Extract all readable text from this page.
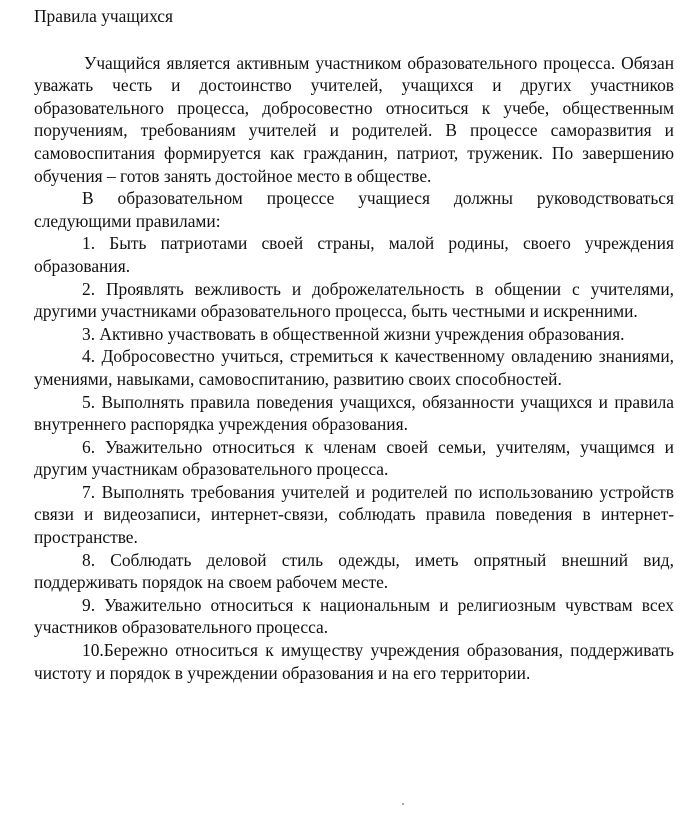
Правила учащихся

Учащийся является активным участником образовательного процесса. Обязан уважать честь и достоинство учителей, учащихся и других участников образовательного процесса, добросовестно относиться к учебе, общественным поручениям, требованиям учителей и родителей. В процессе саморазвития и самовоспитания формируется как гражданин, патриот, труженик. По завершению обучения – готов занять достойное место в обществе.

В образовательном процессе учащиеся должны руководствоваться следующими правилами:

1. Быть патриотами своей страны, малой родины, своего учреждения образования.

2. Проявлять вежливость и доброжелательность в общении с учителями, другими участниками образовательного процесса, быть честными и искренними.

3. Активно участвовать в общественной жизни учреждения образования.

4. Добросовестно учиться, стремиться к качественному овладению знаниями, умениями, навыками, самовоспитанию, развитию своих способностей.

5. Выполнять правила поведения учащихся, обязанности учащихся и правила внутреннего распорядка учреждения образования.

6. Уважительно относиться к членам своей семьи, учителям, учащимся и другим участникам образовательного процесса.

7. Выполнять требования учителей и родителей по использованию устройств связи и видеозаписи, интернет-связи, соблюдать правила поведения в интернет-пространстве.

8. Соблюдать деловой стиль одежды, иметь опрятный внешний вид, поддерживать порядок на своем рабочем месте.

9. Уважительно относиться к национальным и религиозным чувствам всех участников образовательного процесса.

10.Бережно относиться к имуществу учреждения образования, поддерживать чистоту и порядок в учреждении образования и на его территории.
